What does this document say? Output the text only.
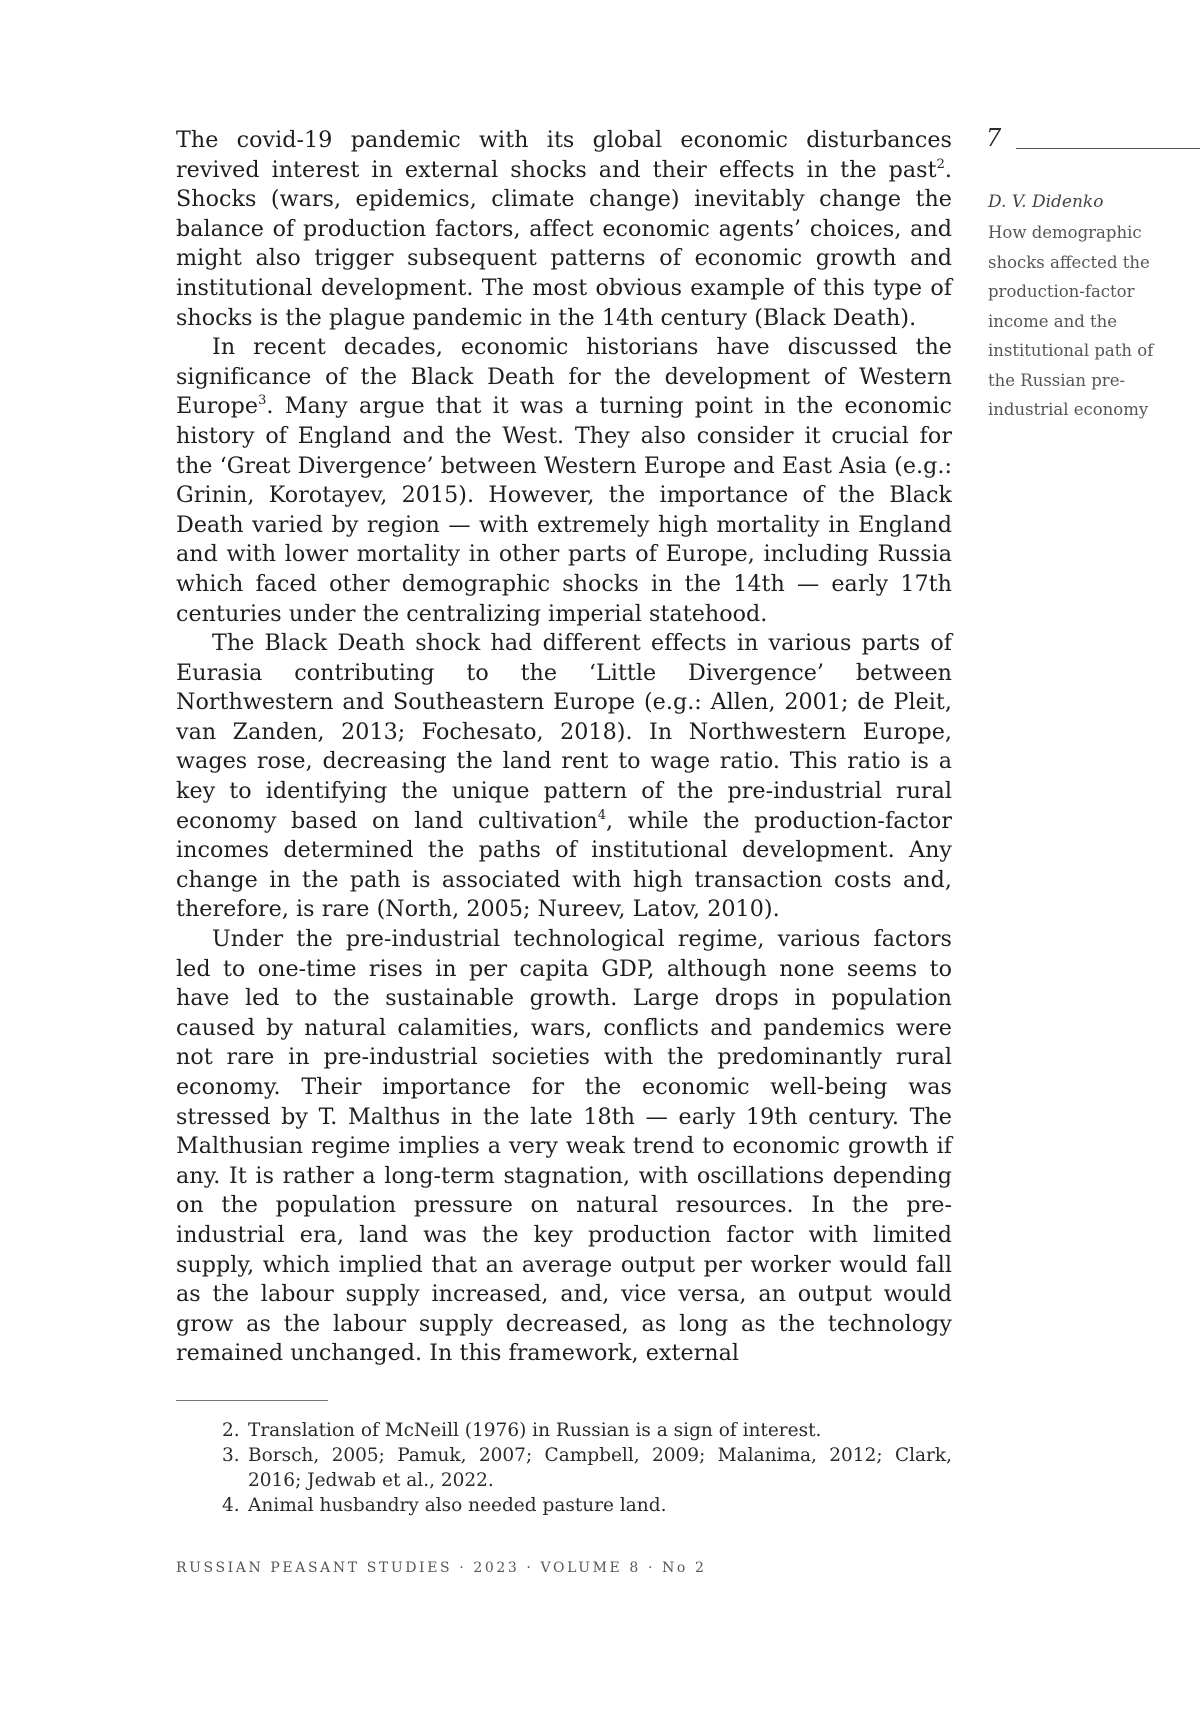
7
D. V. Didenko
How demographic shocks affected the production-factor income and the institutional path of the Russian pre-industrial economy

The covid-19 pandemic with its global economic disturbances revived interest in external shocks and their effects in the past$^2$. Shocks (wars, epidemics, climate change) inevitably change the balance of production factors, affect economic agents’ choices, and might also trigger subsequent patterns of economic growth and institutional development. The most obvious example of this type of shocks is the plague pandemic in the 14th century (Black Death).

In recent decades, economic historians have discussed the significance of the Black Death for the development of Western Europe$^3$. Many argue that it was a turning point in the economic history of England and the West. They also consider it crucial for the ‘Great Divergence’ between Western Europe and East Asia (e.g.: Grinin, Korotayev, 2015). However, the importance of the Black Death varied by region — with extremely high mortality in England and with lower mortality in other parts of Europe, including Russia which faced other demographic shocks in the 14th — early 17th centuries under the centralizing imperial statehood.

The Black Death shock had different effects in various parts of Eurasia contributing to the ‘Little Divergence’ between Northwestern and Southeastern Europe (e.g.: Allen, 2001; de Pleit, van Zanden, 2013; Fochesato, 2018). In Northwestern Europe, wages rose, decreasing the land rent to wage ratio. This ratio is a key to identifying the unique pattern of the pre-industrial rural economy based on land cultivation$^4$, while the production-factor incomes determined the paths of institutional development. Any change in the path is associated with high transaction costs and, therefore, is rare (North, 2005; Nureev, Latov, 2010).

Under the pre-industrial technological regime, various factors led to one-time rises in per capita GDP, although none seems to have led to the sustainable growth. Large drops in population caused by natural calamities, wars, conflicts and pandemics were not rare in pre-industrial societies with the predominantly rural economy. Their importance for the economic well-being was stressed by T. Malthus in the late 18th — early 19th century. The Malthusian regime implies a very weak trend to economic growth if any. It is rather a long-term stagnation, with oscillations depending on the population pressure on natural resources. In the pre-industrial era, land was the key production factor with limited supply, which implied that an average output per worker would fall as the labour supply increased, and, vice versa, an output would grow as the labour supply decreased, as long as the technology remained unchanged. In this framework, external

2. Translation of McNeill (1976) in Russian is a sign of interest.
3. Borsch, 2005; Pamuk, 2007; Campbell, 2009; Malanima, 2012; Clark, 2016; Jedwab et al., 2022.
4. Animal husbandry also needed pasture land.
RUSSIAN PEASANT STUDIES · 2023 · VOLUME 8 · No 2
